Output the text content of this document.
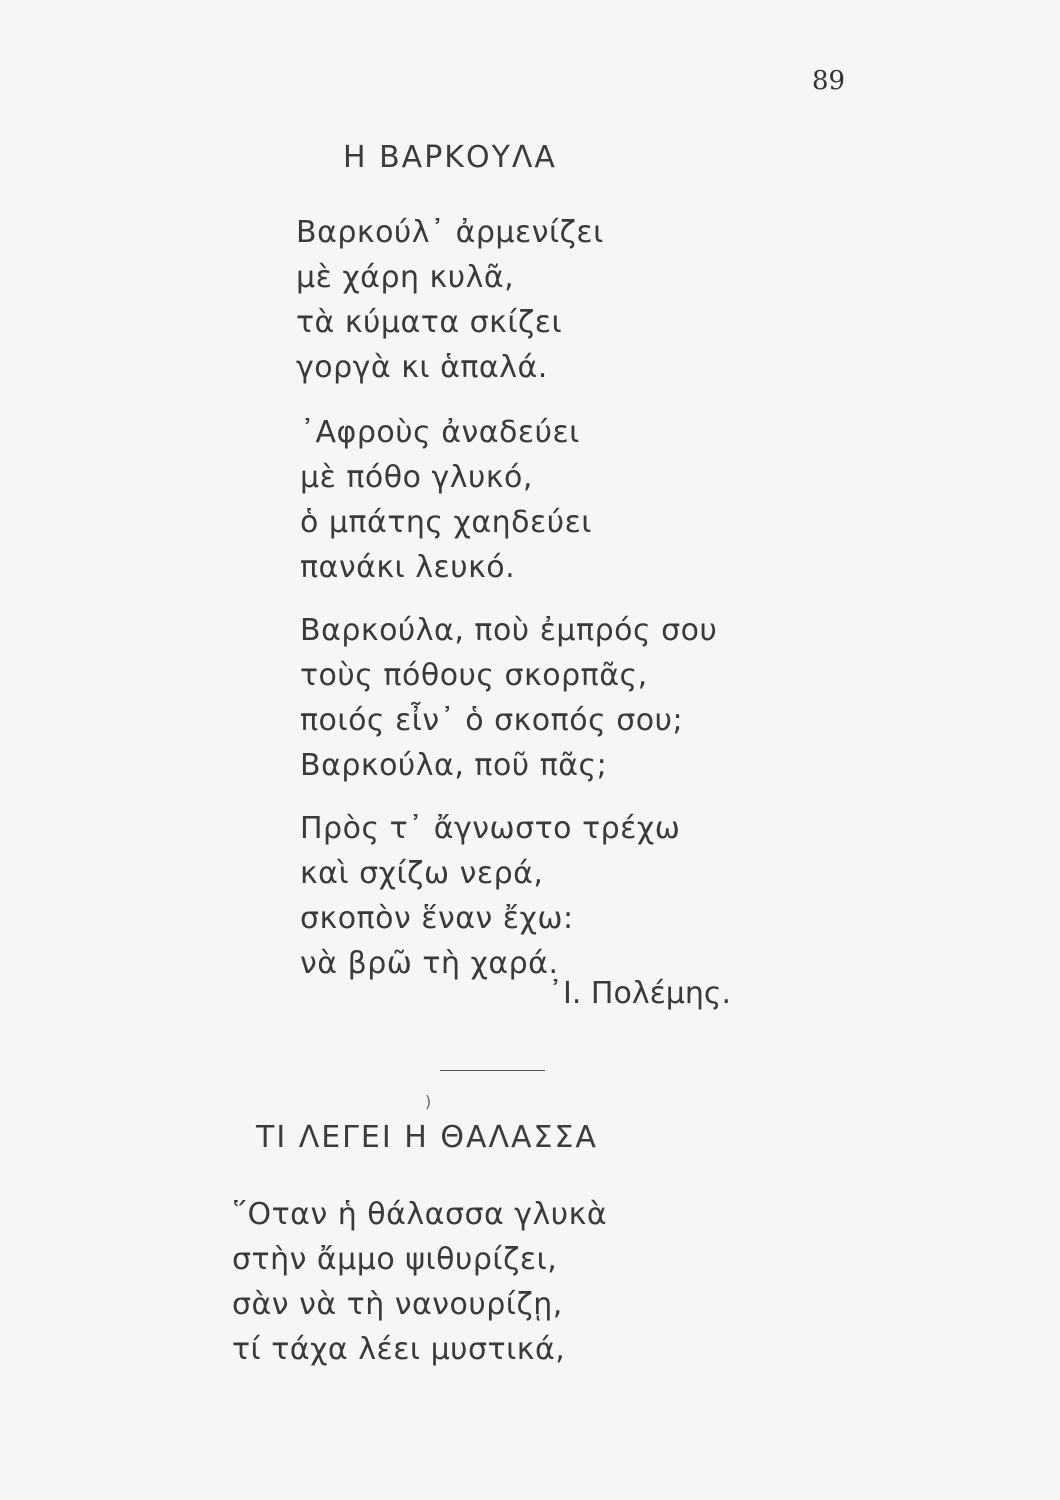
89
Η ΒΑΡΚΟΥΛΑ
Βαρκούλ᾽ ἀρμενίζει
μὲ χάρη κυλᾶ,
τὰ κύματα σκίζει
γοργὰ κι ἁπαλά.
᾽Αφροὺς ἀναδεύει
μὲ πόθο γλυκό,
ὁ μπάτης χαηδεύει
πανάκι λευκό.
Βαρκούλα, ποὺ ἐμπρός σου
τοὺς πόθους σκορπᾶς,
ποιός εἶν᾽ ὁ σκοπός σου;
Βαρκούλα, ποῦ πᾶς;
Πρὸς τ᾽ ἄγνωστο τρέχω
καὶ σχίζω νερά,
σκοπὸν ἕναν ἔχω:
νὰ βρῶ τὴ χαρά.
᾽Ι. Πολέμης.
)
ΤΙ ΛΕΓΕΙ Η ΘΑΛΑΣΣΑ
῞Οταν ἡ θάλασσα γλυκὰ
στὴν ἄμμο ψιθυρίζει,
σὰν νὰ τὴ νανουρίζῃ,
τί τάχα λέει μυστικά,
